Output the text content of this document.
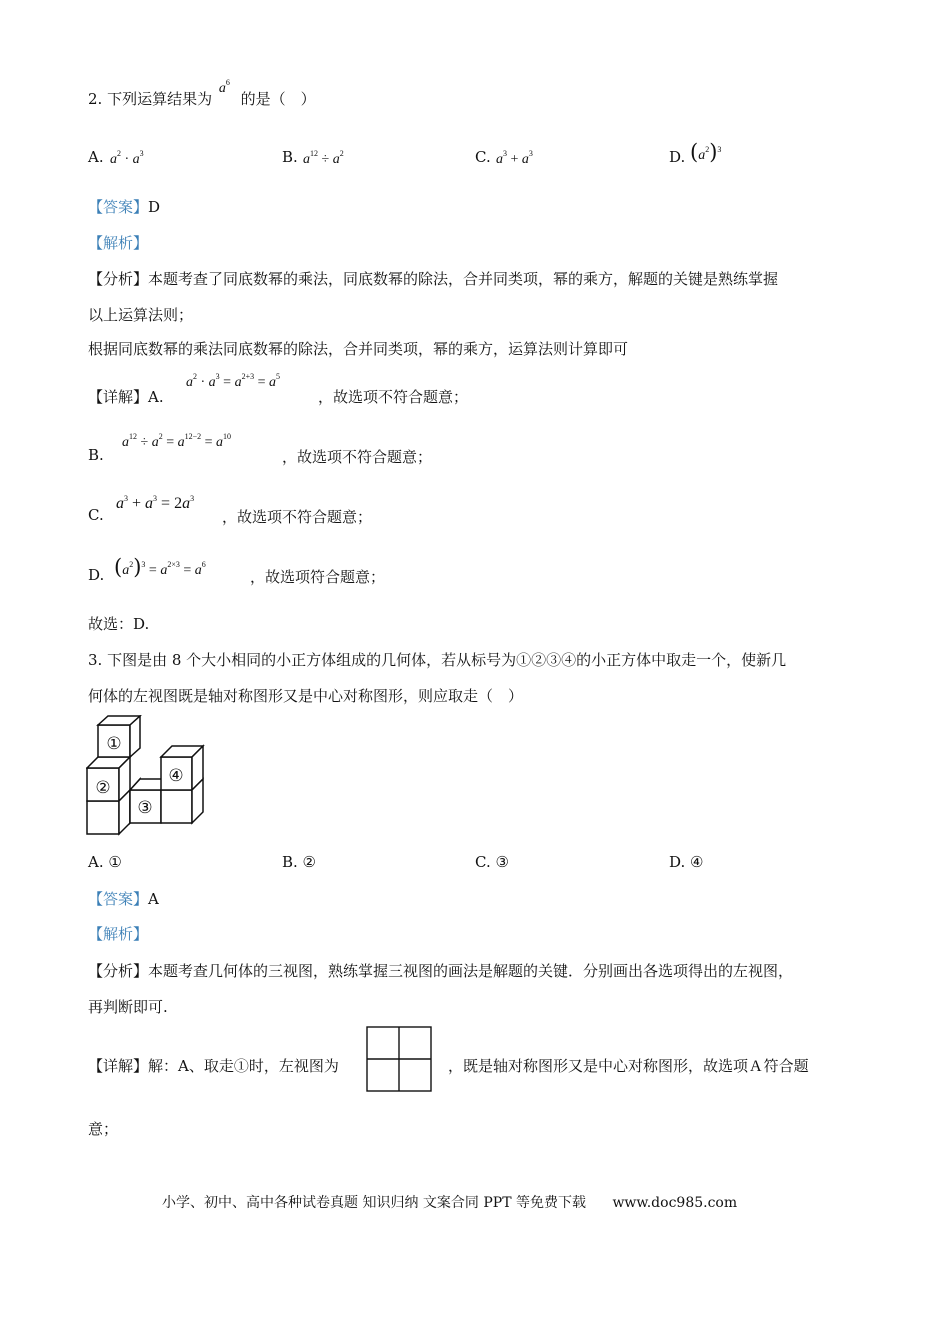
2. 下列运算结果为 $a^6$ 的是（　）
A. $a^2 \cdot a^3$	B. $a^{12} \div a^2$	C. $a^3 + a^3$	D. $(a^2)^3$
【答案】D
【解析】
【分析】本题考查了同底数幂的乘法，同底数幂的除法，合并同类项，幂的乘方，解题的关键是熟练掌握
以上运算法则；
根据同底数幂的乘法同底数幂的除法，合并同类项，幂的乘方，运算法则计算即可
【详解】A.
$a^2 \cdot a^3 = a^{2+3} = a^5$
，故选项不符合题意；
B.
$a^{12} \div a^2 = a^{12-2} = a^{10}$
，故选项不符合题意；
C.
$a^3 + a^3 = 2a^3$
，故选项不符合题意；
D. $(a^2)^3 = a^{2\times 3} = a^6$
，故选项符合题意；
故选：D.
3. 下图是由 8 个大小相同的小正方体组成的几何体，若从标号为①②③④的小正方体中取走一个，使新几
何体的左视图既是轴对称图形又是中心对称图形，则应取走（　）
①
②
③
④
A. ①	B. ②	C. ③	D. ④
【答案】A
【解析】
【分析】本题考查几何体的三视图，熟练掌握三视图的画法是解题的关键．分别画出各选项得出的左视图，
再判断即可.
【详解】解：A、取走①时，左视图为	，既是轴对称图形又是中心对称图形，故选项 A 符合题
意；
小学、初中、高中各种试卷真题 知识归纳 文案合同 PPT 等免费下载 www.doc985.com
